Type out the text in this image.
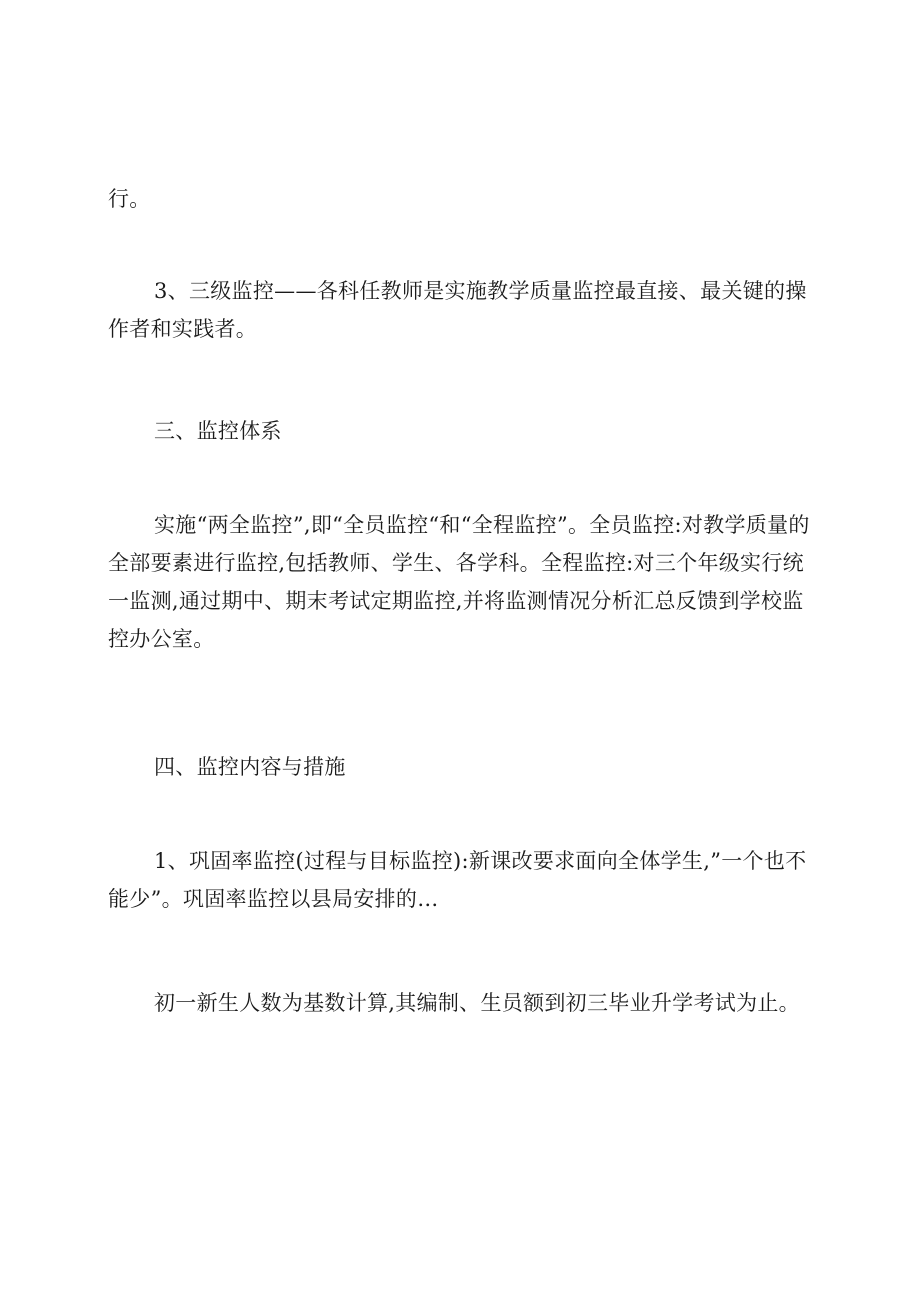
行。

3、三级监控——各科任教师是实施教学质量监控最直接、最关键的操作者和实践者。

三、监控体系

实施“两全监控”,即“全员监控“和“全程监控”。全员监控:对教学质量的全部要素进行监控,包括教师、学生、各学科。全程监控:对三个年级实行统一监测,通过期中、期末考试定期监控,并将监测情况分析汇总反馈到学校监控办公室。

四、监控内容与措施

1、巩固率监控(过程与目标监控):新课改要求面向全体学生,”一个也不能少”。巩固率监控以县局安排的…

初一新生人数为基数计算,其编制、生员额到初三毕业升学考试为止。
